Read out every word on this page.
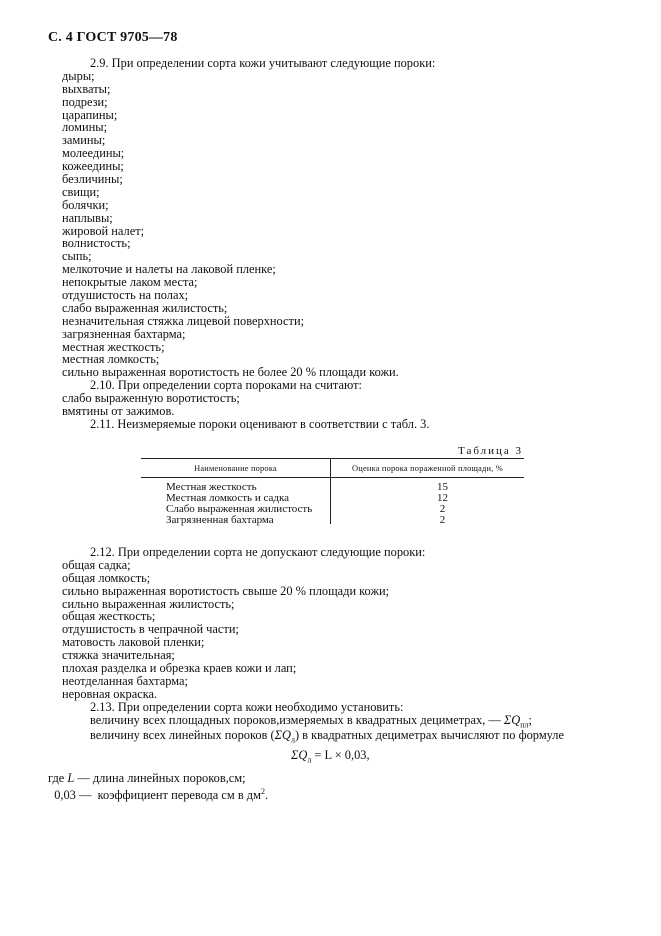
С. 4 ГОСТ 9705—78
2.9. При определении сорта кожи учитывают следующие пороки:
дыры;
выхваты;
подрези;
царапины;
ломины;
замины;
молеедины;
кожеедины;
безличины;
свищи;
болячки;
наплывы;
жировой налет;
волнистость;
сыпь;
мелкоточие и налеты на лаковой пленке;
непокрытые лаком места;
отдушистость на полах;
слабо выраженная жилистость;
незначительная стяжка лицевой поверхности;
загрязненная бахтарма;
местная жесткость;
местная ломкость;
сильно выраженная воротистость не более 20 % площади кожи.
2.10. При определении сорта пороками на считают:
слабо выраженную воротистость;
вмятины от зажимов.
2.11. Неизмеряемые пороки оценивают в соответствии с табл. 3.
Таблица 3
Наименование порока	Оценка порока пораженной площади, %
Местная жесткость
Местная ломкость и садка
Слабо выраженная жилистость
Загрязненная бахтарма
15
12
2
2
2.12. При определении сорта не допускают следующие пороки:
общая садка;
общая ломкость;
сильно выраженная воротистость свыше 20 % площади кожи;
сильно выраженная жилистость;
общая жесткость;
отдушистость в чепрачной части;
матовость лаковой пленки;
стяжка значительная;
плохая разделка и обрезка краев кожи и лап;
неотделанная бахтарма;
неровная окраска.
2.13. При определении сорта кожи необходимо установить:
величину всех площадных пороков,измеряемых в квадратных дециметрах, — $\Sigma Q_{пл}$;
величину всех линейных пороков $(\Sigma Q_л)$ в квадратных дециметрах вычисляют по формуле
$\Sigma Q_л = L \times 0,03$,
где L — длина линейных пороков,см;
0,03 —  коэффициент перевода см в $дм^2$.
